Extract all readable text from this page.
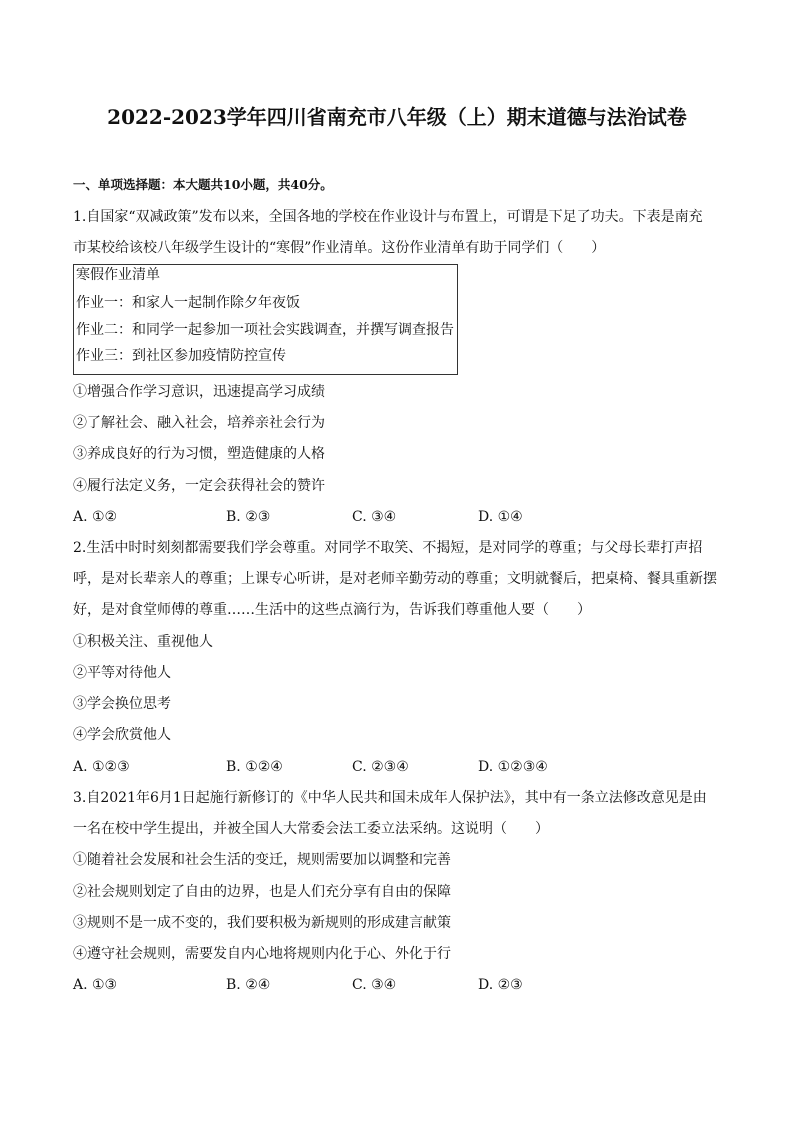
2022-2023学年四川省南充市八年级（上）期末道德与法治试卷
一、单项选择题：本大题共10小题，共40分。
1.自国家“双减政策”发布以来，全国各地的学校在作业设计与布置上，可谓是下足了功夫。下表是南充
市某校给该校八年级学生设计的“寒假”作业清单。这份作业清单有助于同学们（　　）
寒假作业清单
作业一：和家人一起制作除夕年夜饭
作业二：和同学一起参加一项社会实践调查，并撰写调查报告
作业三：到社区参加疫情防控宣传
①增强合作学习意识，迅速提高学习成绩
②了解社会、融入社会，培养亲社会行为
③养成良好的行为习惯，塑造健康的人格
④履行法定义务，一定会获得社会的赞许
A. ①②	B. ②③	C. ③④	D. ①④
2.生活中时时刻刻都需要我们学会尊重。对同学不取笑、不揭短，是对同学的尊重；与父母长辈打声招
呼，是对长辈亲人的尊重；上课专心听讲，是对老师辛勤劳动的尊重；文明就餐后，把桌椅、餐具重新摆
好，是对食堂师傅的尊重……生活中的这些点滴行为，告诉我们尊重他人要（　　）
①积极关注、重视他人
②平等对待他人
③学会换位思考
④学会欣赏他人
A. ①②③	B. ①②④	C. ②③④	D. ①②③④
3.自2021年6月1日起施行新修订的《中华人民共和国未成年人保护法》，其中有一条立法修改意见是由
一名在校中学生提出，并被全国人大常委会法工委立法采纳。这说明（　　）
①随着社会发展和社会生活的变迁，规则需要加以调整和完善
②社会规则划定了自由的边界，也是人们充分享有自由的保障
③规则不是一成不变的，我们要积极为新规则的形成建言献策
④遵守社会规则，需要发自内心地将规则内化于心、外化于行
A. ①③	B. ②④	C. ③④	D. ②③
